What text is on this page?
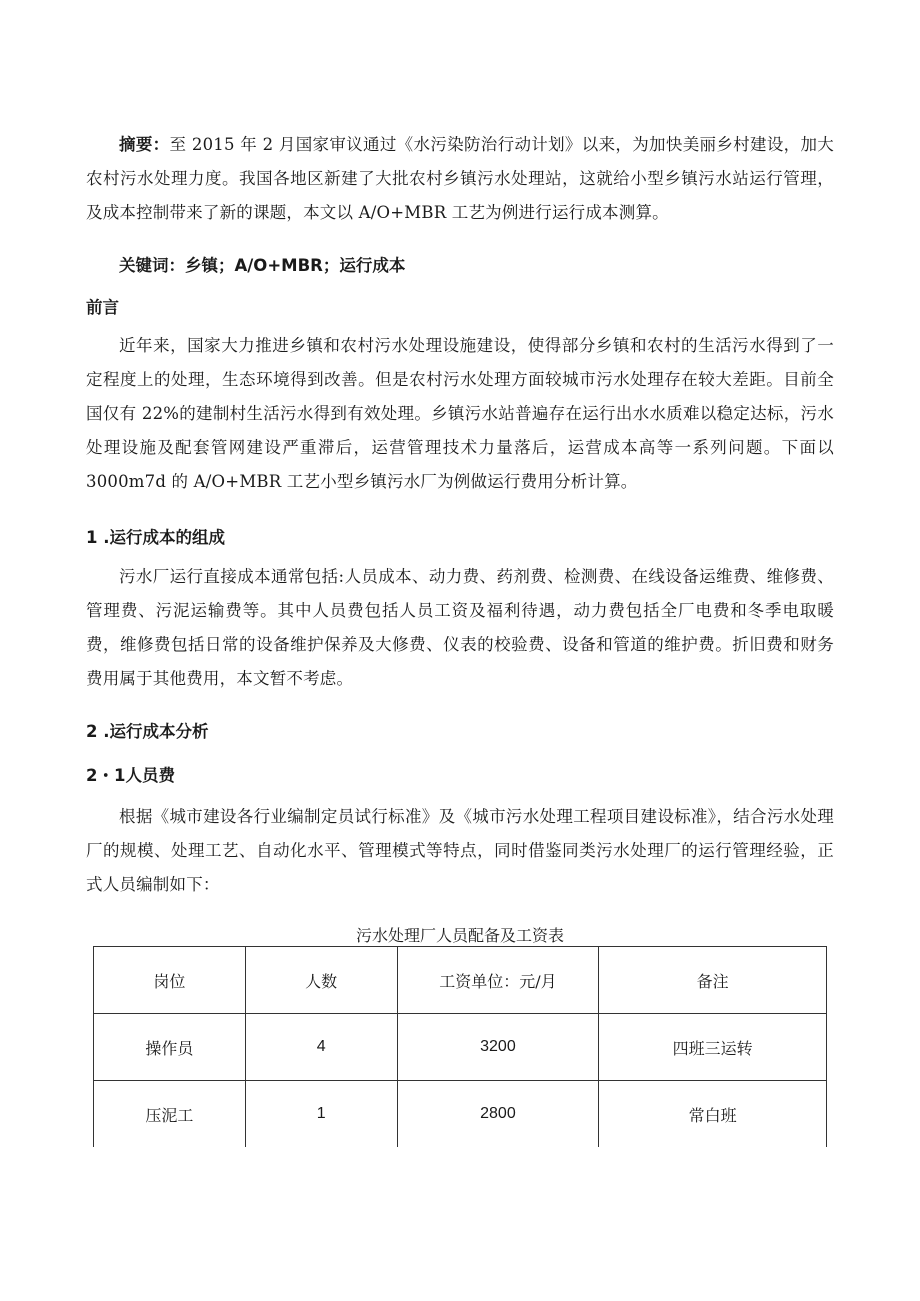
摘要：至 2015 年 2 月国家审议通过《水污染防治行动计划》以来，为加快美丽乡村建设，加大农村污水处理力度。我国各地区新建了大批农村乡镇污水处理站，这就给小型乡镇污水站运行管理，及成本控制带来了新的课题，本文以 A/O+MBR 工艺为例进行运行成本测算。

关键词：乡镇；A/O+MBR；运行成本

前言

近年来，国家大力推进乡镇和农村污水处理设施建设，使得部分乡镇和农村的生活污水得到了一定程度上的处理，生态环境得到改善。但是农村污水处理方面较城市污水处理存在较大差距。目前全国仅有 22%的建制村生活污水得到有效处理。乡镇污水站普遍存在运行出水水质难以稳定达标，污水处理设施及配套管网建设严重滞后，运营管理技术力量落后，运营成本高等一系列问题。下面以 3000m7d 的 A/O+MBR 工艺小型乡镇污水厂为例做运行费用分析计算。

1 .运行成本的组成

污水厂运行直接成本通常包括:人员成本、动力费、药剂费、检测费、在线设备运维费、维修费、管理费、污泥运输费等。其中人员费包括人员工资及福利待遇，动力费包括全厂电费和冬季电取暖费，维修费包括日常的设备维护保养及大修费、仪表的校验费、设备和管道的维护费。折旧费和财务费用属于其他费用，本文暂不考虑。

2 .运行成本分析

2・1人员费

根据《城市建设各行业编制定员试行标准》及《城市污水处理工程项目建设标准》，结合污水处理厂的规模、处理工艺、自动化水平、管理模式等特点，同时借鉴同类污水处理厂的运行管理经验，正式人员编制如下：

污水处理厂人员配备及工资表
岗位	人数	工资单位：元/月	备注
操作员	4	3200	四班三运转
压泥工	1	2800	常白班
